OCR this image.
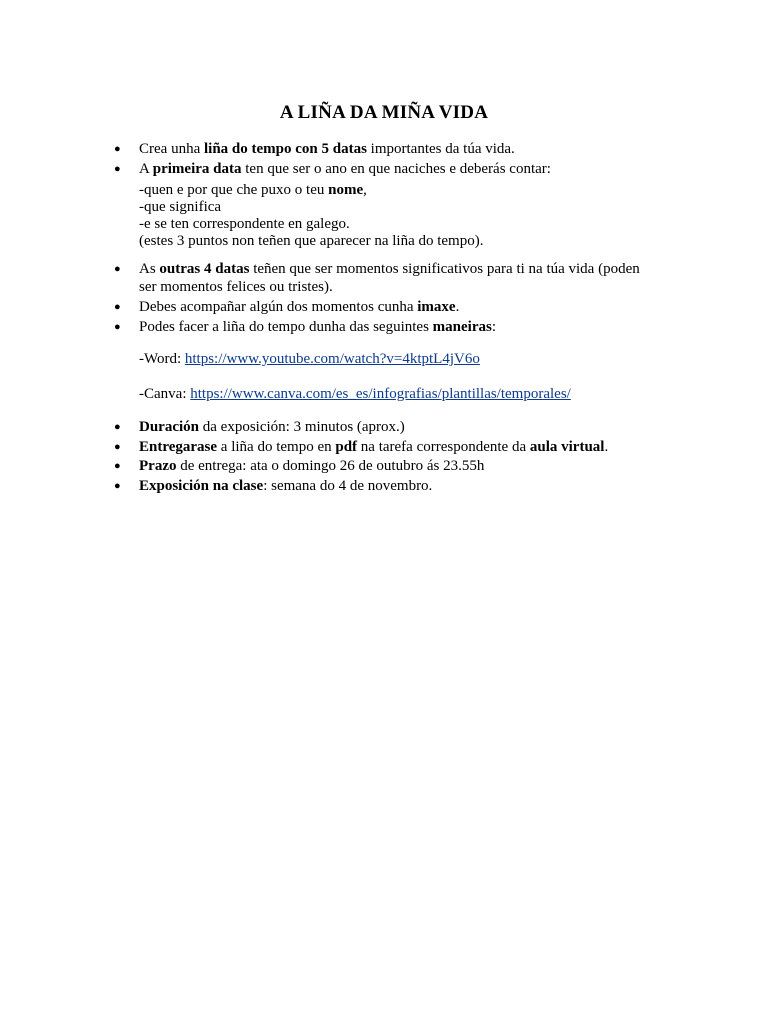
A LIÑA DA MIÑA VIDA
● Crea unha liña do tempo con 5 datas importantes da túa vida.
● A primeira data ten que ser o ano en que naciches e deberás contar:
-quen e por que che puxo o teu nome,
-que significa
-e se ten correspondente en galego.
(estes 3 puntos non teñen que aparecer na liña do tempo).
● As outras 4 datas teñen que ser momentos significativos para ti na túa vida (poden
ser momentos felices ou tristes).
● Debes acompañar algún dos momentos cunha imaxe.
● Podes facer a liña do tempo dunha das seguintes maneiras:
-Word: https://www.youtube.com/watch?v=4ktptL4jV6o
-Canva: https://www.canva.com/es_es/infografias/plantillas/temporales/
● Duración da exposición: 3 minutos (aprox.)
● Entregarase a liña do tempo en pdf na tarefa correspondente da aula virtual.
● Prazo de entrega: ata o domingo 26 de outubro ás 23.55h
● Exposición na clase: semana do 4 de novembro.
